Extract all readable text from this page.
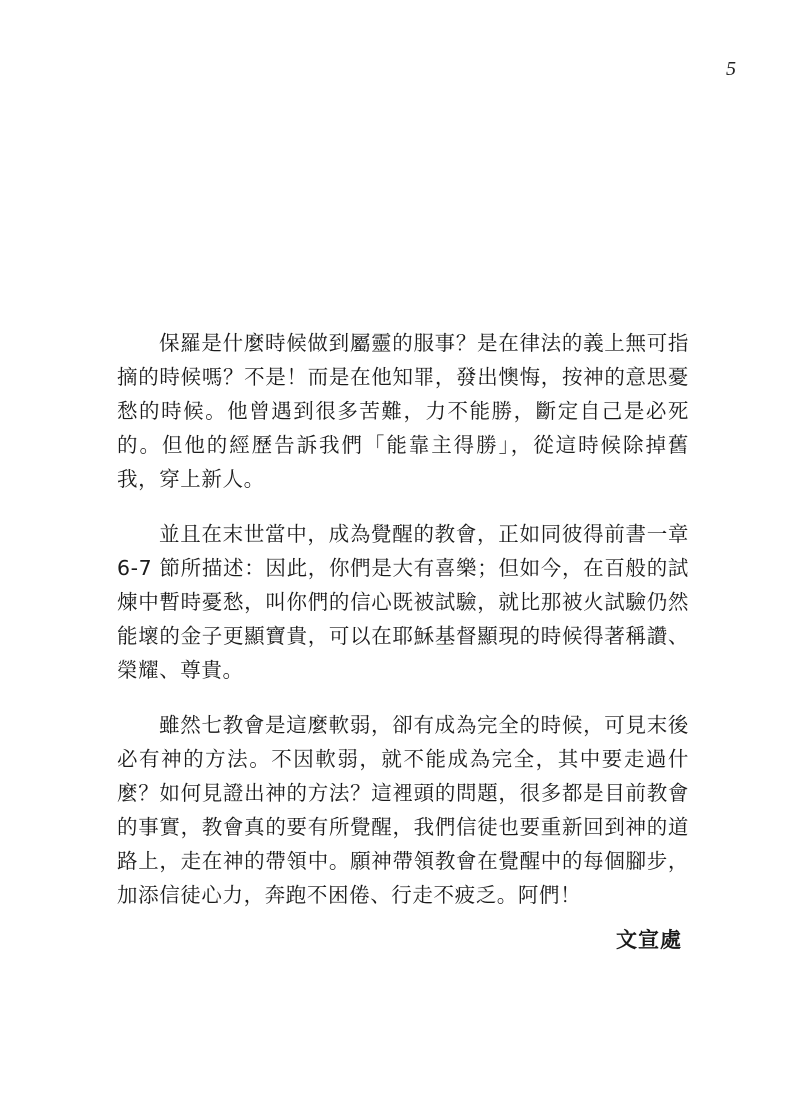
5

保羅是什麼時候做到屬靈的服事？是在律法的義上無可指摘的時候嗎？不是！而是在他知罪，發出懊悔，按神的意思憂愁的時候。他曾遇到很多苦難，力不能勝，斷定自己是必死的。但他的經歷告訴我們「能靠主得勝」，從這時候除掉舊我，穿上新人。

並且在末世當中，成為覺醒的教會，正如同彼得前書一章 6-7 節所描述：因此，你們是大有喜樂；但如今，在百般的試煉中暫時憂愁，叫你們的信心既被試驗，就比那被火試驗仍然能壞的金子更顯寶貴，可以在耶穌基督顯現的時候得著稱讚、榮耀、尊貴。

雖然七教會是這麼軟弱，卻有成為完全的時候，可見末後必有神的方法。不因軟弱，就不能成為完全，其中要走過什麼？如何見證出神的方法？這裡頭的問題，很多都是目前教會的事實，教會真的要有所覺醒，我們信徒也要重新回到神的道路上，走在神的帶領中。願神帶領教會在覺醒中的每個腳步，加添信徒心力，奔跑不困倦、行走不疲乏。阿們！

文宣處
